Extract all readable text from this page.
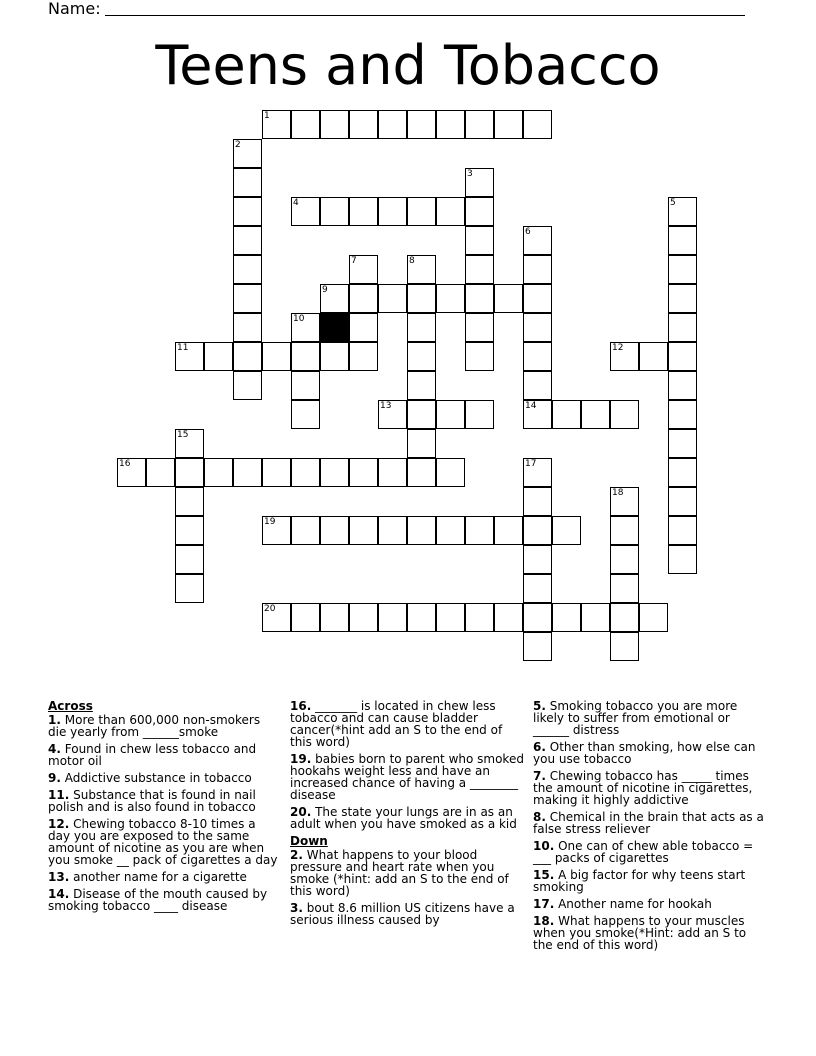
Name:
Teens and Tobacco
1
2
3
4	5
6
14
7	8
9
10
11	12
13
15
16	17
18
19
20
Across
1. More than 600,000 non-smokers die yearly from ______smoke
4. Found in chew less tobacco and motor oil
9. Addictive substance in tobacco
11. Substance that is found in nail polish and is also found in tobacco
12. Chewing tobacco 8-10 times a day you are exposed to the same amount of nicotine as you are when you smoke __ pack of cigarettes a day
13. another name for a cigarette
14. Disease of the mouth caused by smoking tobacco ____ disease
16. _______ is located in chew less tobacco and can cause bladder cancer(*hint add an S to the end of this word)
19. babies born to parent who smoked hookahs weight less and have an increased chance of having a ________ disease
20. The state your lungs are in as an adult when you have smoked as a kid
Down
2. What happens to your blood pressure and heart rate when you smoke (*hint: add an S to the end of this word)
3. bout 8.6 million US citizens have a serious illness caused by
5. Smoking tobacco you are more likely to suffer from emotional or ______ distress
6. Other than smoking, how else can you use tobacco
7. Chewing tobacco has _____ times the amount of nicotine in cigarettes, making it highly addictive
8. Chemical in the brain that acts as a false stress reliever
10. One can of chew able tobacco = ___ packs of cigarettes
15. A big factor for why teens start smoking
17. Another name for hookah
18. What happens to your muscles when you smoke(*Hint: add an S to the end of this word)
